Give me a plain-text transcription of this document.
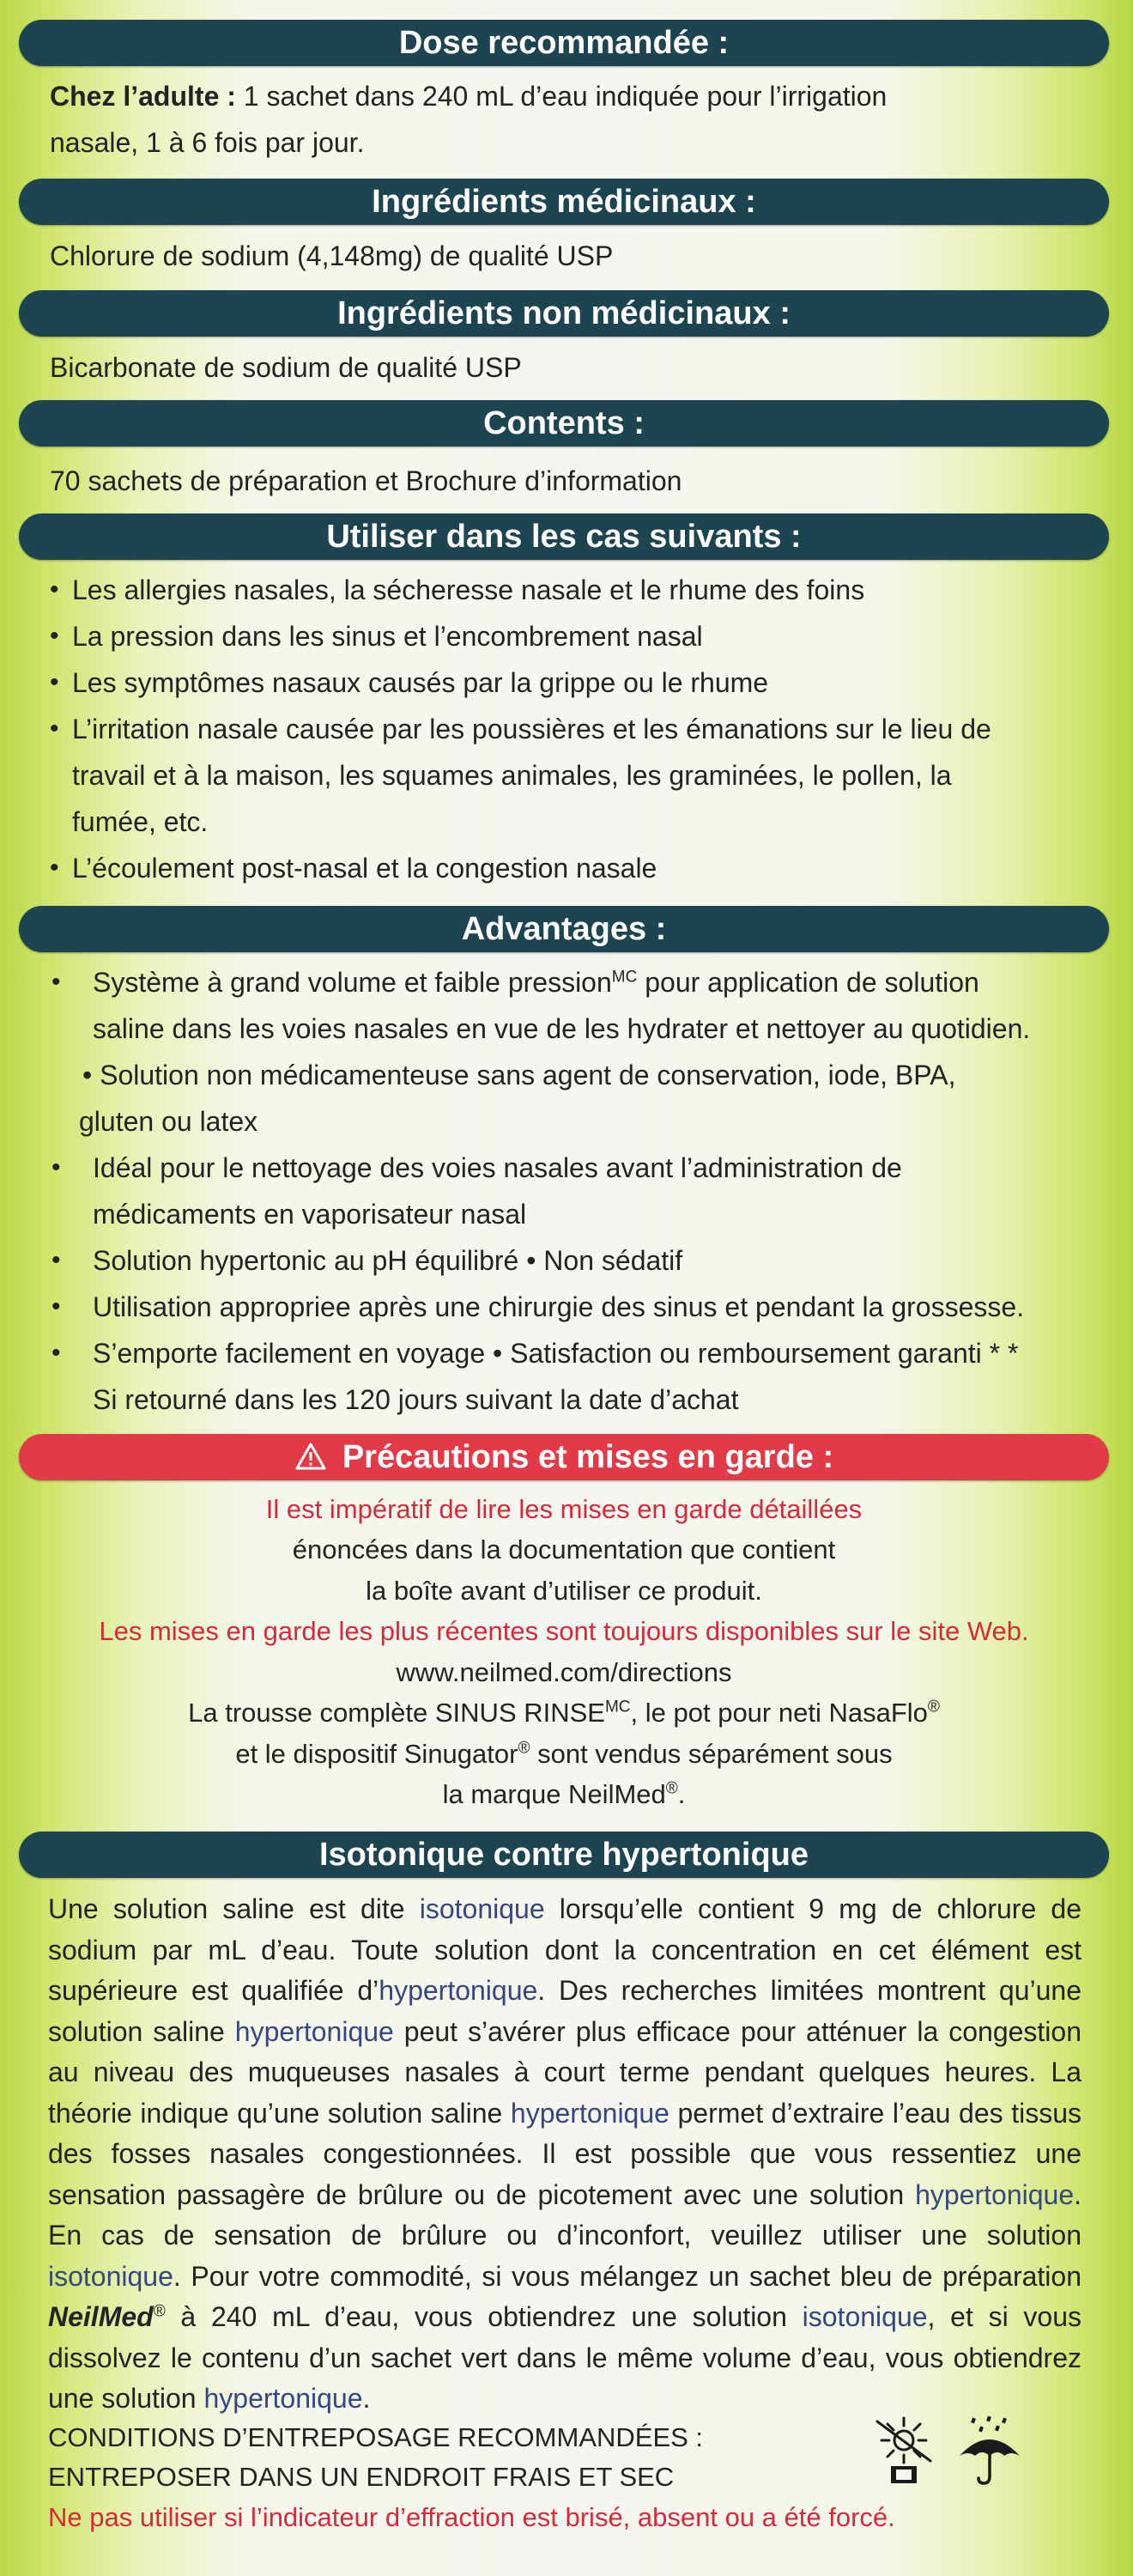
Dose recommandée :
Chez l’adulte : 1 sachet dans 240 mL d’eau indiquée pour l’irrigation
nasale, 1 à 6 fois par jour.
Ingrédients médicinaux :
Chlorure de sodium (4,148mg) de qualité USP
Ingrédients non médicinaux :
Bicarbonate de sodium de qualité USP
Contents :
70 sachets de préparation et Brochure d’information
Utiliser dans les cas suivants :
• Les allergies nasales, la sécheresse nasale et le rhume des foins
• La pression dans les sinus et l’encombrement nasal
• Les symptômes nasaux causés par la grippe ou le rhume
• L’irritation nasale causée par les poussières et les émanations sur le lieu de
travail et à la maison, les squames animales, les graminées, le pollen, la
fumée, etc.
• L’écoulement post-nasal et la congestion nasale
Advantages :
•	Système à grand volume et faible pression$^{MC}$ pour application de solution
saline dans les voies nasales en vue de les hydrater et nettoyer au quotidien.
• Solution non médicamenteuse sans agent de conservation, iode, BPA,
gluten ou latex
•	Idéal pour le nettoyage des voies nasales avant l’administration de
médicaments en vaporisateur nasal
•	Solution hypertonic au pH équilibré • Non sédatif
•	Utilisation appropriee après une chirurgie des sinus et pendant la grossesse.
•	S’emporte facilement en voyage • Satisfaction ou remboursement garanti * *
Si retourné dans les 120 jours suivant la date d’achat
Précautions et mises en garde :
Il est impératif de lire les mises en garde détaillées
énoncées dans la documentation que contient
la boîte avant d’utiliser ce produit.
Les mises en garde les plus récentes sont toujours disponibles sur le site Web.
www.neilmed.com/directions
La trousse complète SINUS $RINSE^{MC}$, le pot pour neti NasaFlo®
et le dispositif Sinugator® sont vendus séparément sous
la marque NeilMed®.
Isotonique contre hypertonique
Une solution saline est dite isotonique lorsqu’elle contient 9 mg de chlorure de sodium par mL d’eau. Toute solution dont la concentration en cet élément est supérieure est qualifiée d’hypertonique. Des recherches limitées montrent qu’une solution saline hypertonique peut s’avérer plus efficace pour atténuer la congestion au niveau des muqueuses nasales à court terme pendant quelques heures. La théorie indique qu’une solution saline hypertonique permet d’extraire l’eau des tissus des fosses nasales congestionnées. Il est possible que vous ressentiez une sensation passagère de brûlure ou de picotement avec une solution hypertonique. En cas de sensation de brûlure ou d’inconfort, veuillez utiliser une solution isotonique. Pour votre commodité, si vous mélangez un sachet bleu de préparation NeilMed® à 240 mL d’eau, vous obtiendrez une solution isotonique, et si vous dissolvez le contenu d’un sachet vert dans le même volume d’eau, vous obtiendrez une solution hypertonique.
CONDITIONS D’ENTREPOSAGE RECOMMANDÉES :
ENTREPOSER DANS UN ENDROIT FRAIS ET SEC
Ne pas utiliser si l’indicateur d’effraction est brisé, absent ou a été forcé.
